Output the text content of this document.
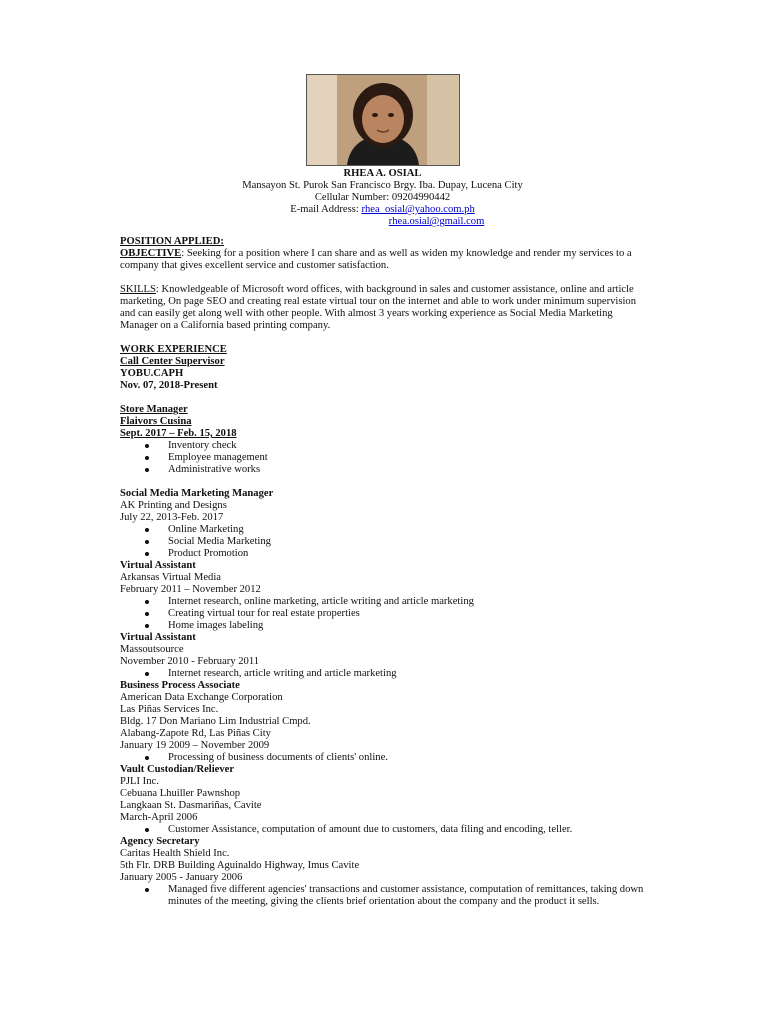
RHEA A. OSIAL
Mansayon St. Purok San Francisco Brgy. Iba. Dupay, Lucena City
Cellular Number: 09204990442
E-mail Address: rhea_osial@yahoo.com.ph
rhea.osial@gmail.com
POSITION APPLIED:

OBJECTIVE: Seeking for a position where I can share and as well as widen my knowledge and render my services to a company that gives excellent service and customer satisfaction.

SKILLS: Knowledgeable of Microsoft word offices, with background in sales and customer assistance, online and article marketing, On page SEO and creating real estate virtual tour on the internet and able to work under minimum supervision and can easily get along well with other people. With almost 3 years working experience as Social Media Marketing Manager on a California based printing company.

WORK EXPERIENCE
Call Center Supervisor
YOBU.CAPH
Nov. 07, 2018-Present
Store Manager
Flaivors Cusina
Sept. 2017 – Feb. 15, 2018
Inventory check
Employee management
Administrative works
Social Media Marketing Manager
AK Printing and Designs
July 22, 2013-Feb. 2017
Online Marketing
Social Media Marketing
Product Promotion
Virtual Assistant
Arkansas Virtual Media
February 2011 – November 2012
Internet research, online marketing, article writing and article marketing
Creating virtual tour for real estate properties
Home images labeling
Virtual Assistant
Massoutsource
November 2010 - February 2011
Internet research, article writing and article marketing
Business Process Associate
American Data Exchange Corporation
Las Piñas Services Inc.
Bldg. 17 Don Mariano Lim Industrial Cmpd.
Alabang-Zapote Rd, Las Piñas City
January 19 2009 – November 2009
Processing of business documents of clients' online.
Vault Custodian/Reliever
PJLI Inc.
Cebuana Lhuiller Pawnshop
Langkaan St. Dasmariñas, Cavite
March-April 2006
Customer Assistance, computation of amount due to customers, data filing and encoding, teller.
Agency Secretary
Caritas Health Shield Inc.
5th Flr. DRB Building Aguinaldo Highway, Imus Cavite
January 2005 - January 2006
Managed five different agencies' transactions and customer assistance, computation of remittances, taking down minutes of the meeting, giving the clients brief orientation about the company and the product it sells.
